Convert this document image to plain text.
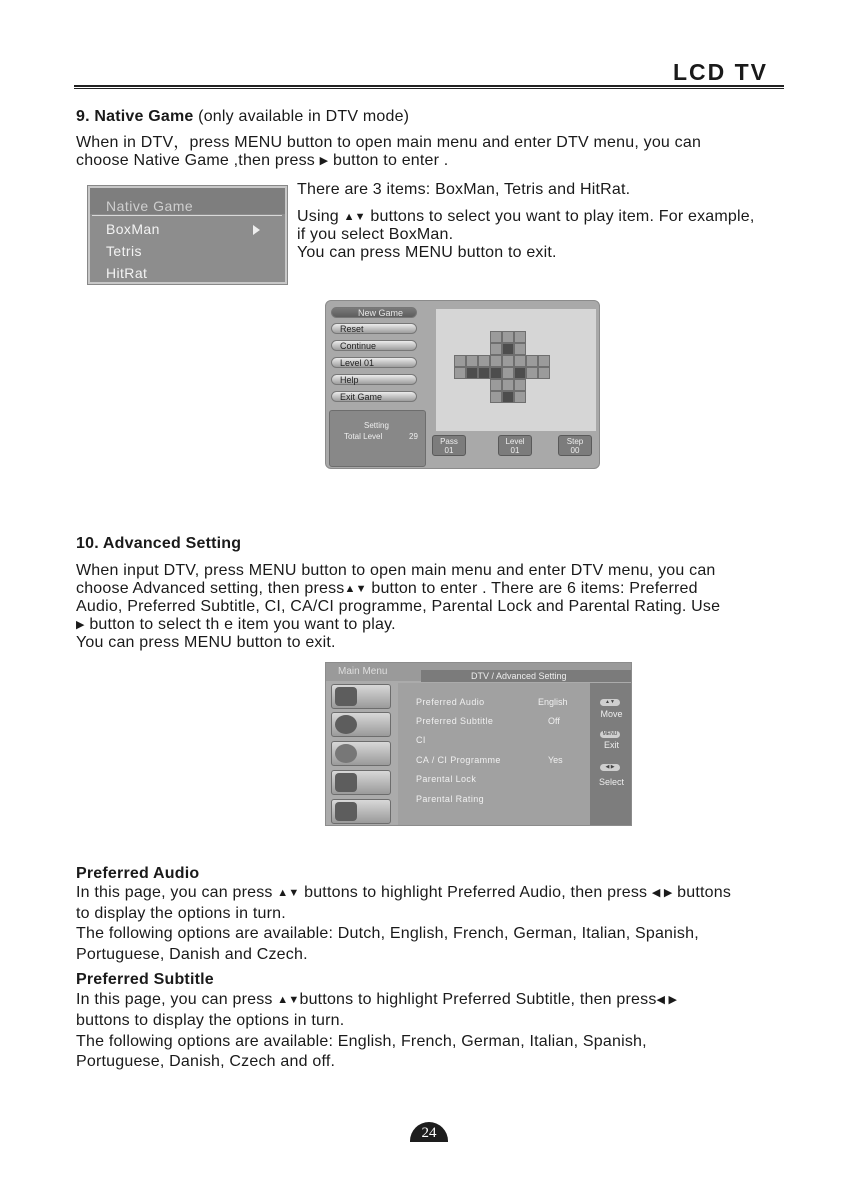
LCD TV
9. Native Game (only available in DTV mode)
When in DTV，press MENU button to open main menu and enter DTV menu, you can
choose Native Game ,then press ▶ button to enter .
There are 3 items: BoxMan, Tetris and HitRat.
Using ▲▼ buttons to select you want to play item. For example,
if you select BoxMan.
You can press MENU button to exit.
Native Game
BoxMan
Tetris
HitRat
New Game
Reset
Continue
Level 01
Help
Exit Game
Setting
Total Level	29
Pass
01
Level
01
Step
00
10. Advanced Setting
When input DTV, press MENU button to open main menu and enter DTV menu, you can
choose Advanced setting, then press▲▼ button to enter . There are 6 items: Preferred
Audio, Preferred Subtitle, CI, CA/CI programme, Parental Lock and Parental Rating. Use
▶ button to select th e item you want to play.
You can press MENU button to exit.
Main Menu	DTV / Advanced Setting
Preferred Audio	English
Preferred Subtitle	Off
CI
CA / CI Programme	Yes
Parental Lock
Parental Rating
▲▼
Move
MENU
Exit
◀ ▶
Select
Preferred Audio
In this page, you can press ▲▼ buttons to highlight Preferred Audio, then press ◀ ▶ buttons
to display the options in turn.
The following options are available: Dutch, English, French, German, Italian, Spanish,
Portuguese, Danish and Czech.
Preferred Subtitle
In this page, you can press ▲▼buttons to highlight Preferred Subtitle, then press◀ ▶
buttons to display the options in turn.
The following options are available: English, French, German, Italian, Spanish,
Portuguese, Danish, Czech and off.
24
